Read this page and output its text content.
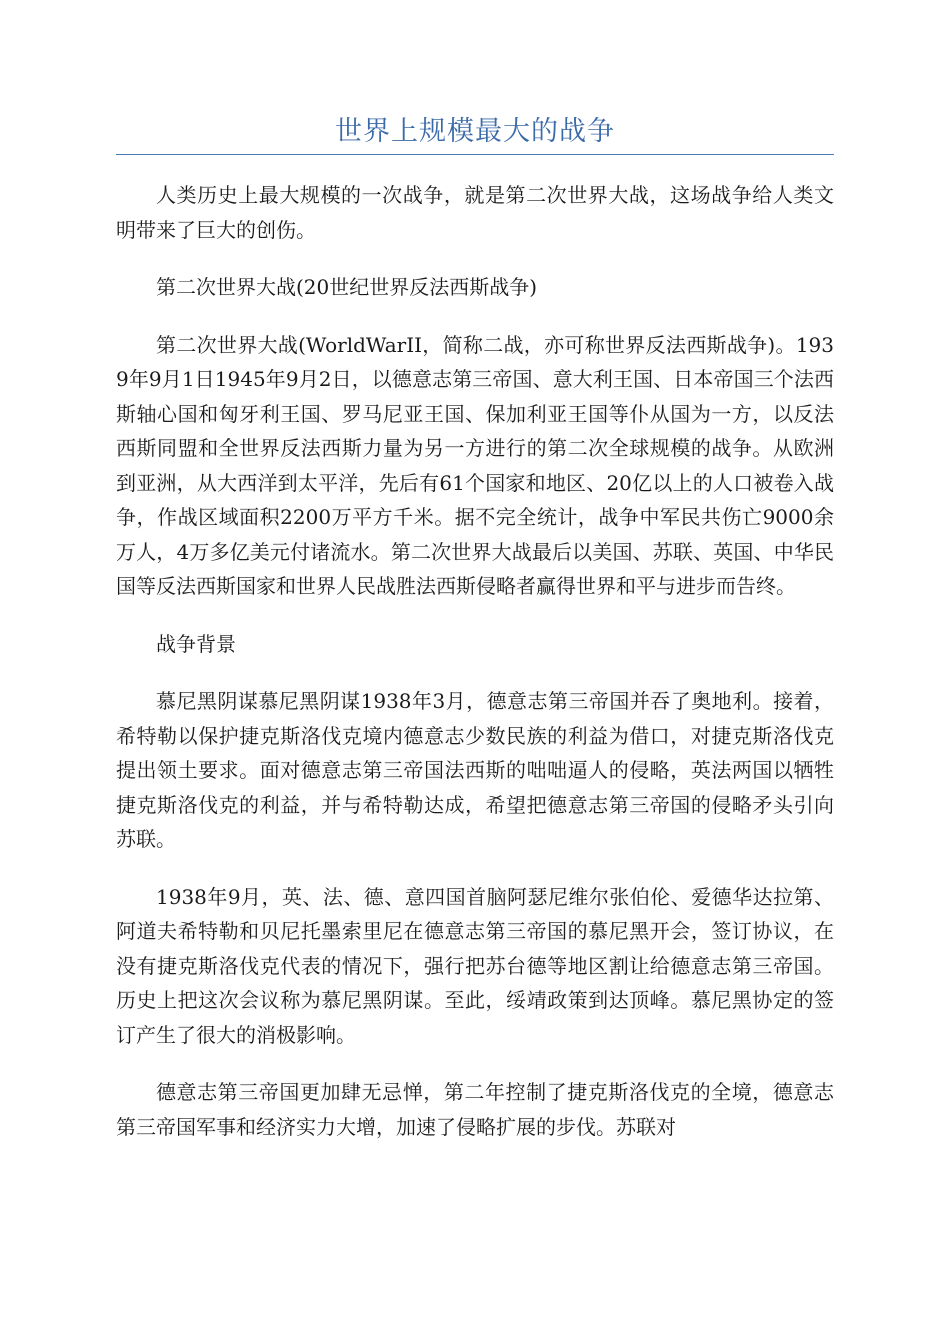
世界上规模最大的战争

人类历史上最大规模的一次战争，就是第二次世界大战，这场战争给人类文明带来了巨大的创伤。

第二次世界大战(20世纪世界反法西斯战争)

第二次世界大战(WorldWarII，简称二战，亦可称世界反法西斯战争)。1939年9月1日1945年9月2日，以德意志第三帝国、意大利王国、日本帝国三个法西斯轴心国和匈牙利王国、罗马尼亚王国、保加利亚王国等仆从国为一方，以反法西斯同盟和全世界反法西斯力量为另一方进行的第二次全球规模的战争。从欧洲到亚洲，从大西洋到太平洋，先后有61个国家和地区、20亿以上的人口被卷入战争，作战区域面积2200万平方千米。据不完全统计，战争中军民共伤亡9000余万人，4万多亿美元付诸流水。第二次世界大战最后以美国、苏联、英国、中华民国等反法西斯国家和世界人民战胜法西斯侵略者赢得世界和平与进步而告终。

战争背景

慕尼黑阴谋慕尼黑阴谋1938年3月，德意志第三帝国并吞了奥地利。接着，希特勒以保护捷克斯洛伐克境内德意志少数民族的利益为借口，对捷克斯洛伐克提出领土要求。面对德意志第三帝国法西斯的咄咄逼人的侵略，英法两国以牺牲捷克斯洛伐克的利益，并与希特勒达成，希望把德意志第三帝国的侵略矛头引向苏联。

1938年9月，英、法、德、意四国首脑阿瑟尼维尔张伯伦、爱德华达拉第、阿道夫希特勒和贝尼托墨索里尼在德意志第三帝国的慕尼黑开会，签订协议，在没有捷克斯洛伐克代表的情况下，强行把苏台德等地区割让给德意志第三帝国。历史上把这次会议称为慕尼黑阴谋。至此，绥靖政策到达顶峰。慕尼黑协定的签订产生了很大的消极影响。

德意志第三帝国更加肆无忌惮，第二年控制了捷克斯洛伐克的全境，德意志第三帝国军事和经济实力大增，加速了侵略扩展的步伐。苏联对
